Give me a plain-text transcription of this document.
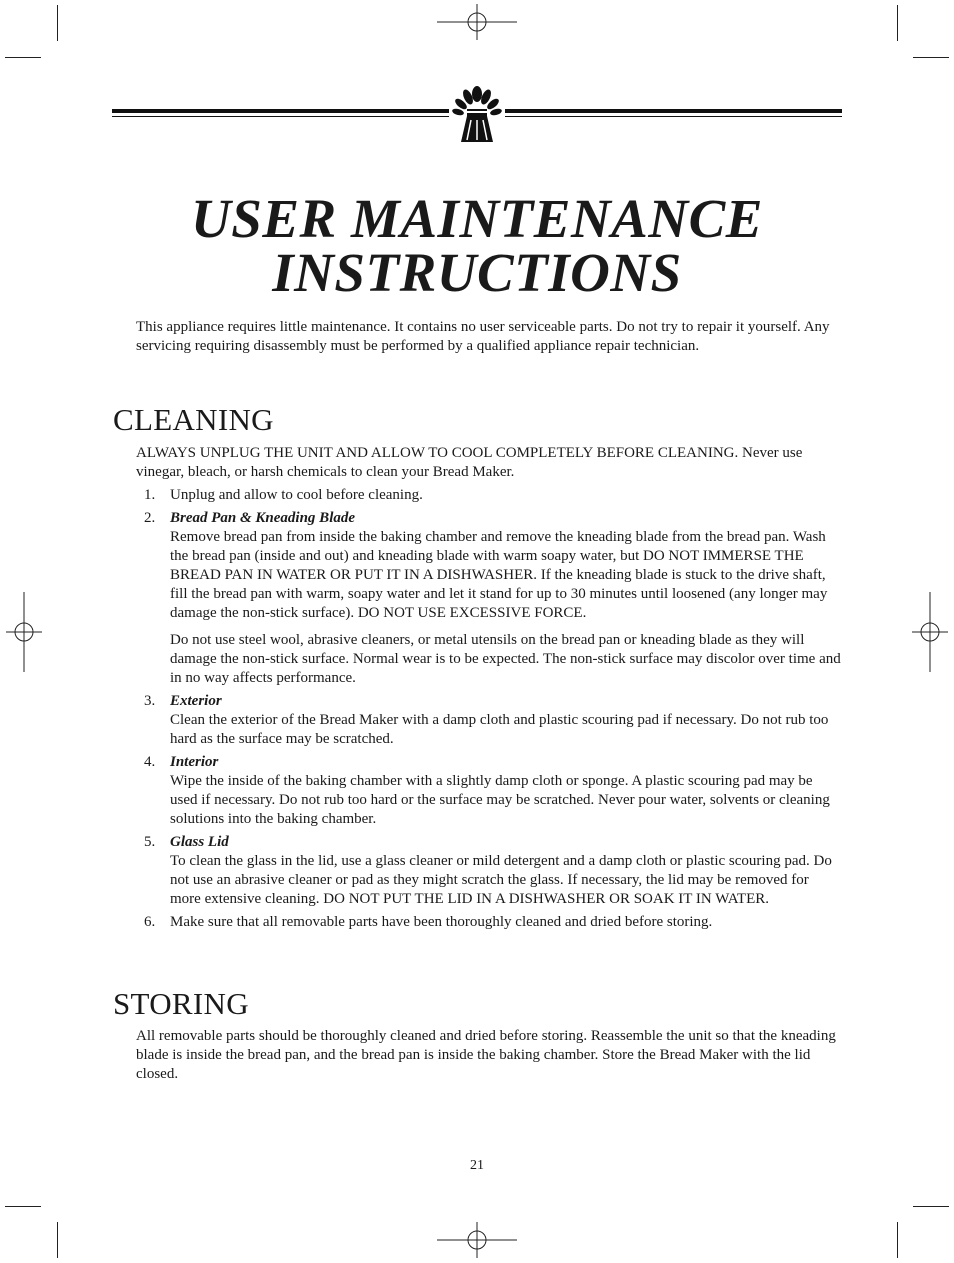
USER MAINTENANCE
INSTRUCTIONS

This appliance requires little maintenance. It contains no user serviceable parts. Do not try to repair it yourself. Any servicing requiring disassembly must be performed by a qualified appliance repair technician.

CLEANING

ALWAYS UNPLUG THE UNIT AND ALLOW TO COOL COMPLETELY BEFORE CLEANING. Never use vinegar, bleach, or harsh chemicals to clean your Bread Maker.

1. Unplug and allow to cool before cleaning.
2. Bread Pan & Kneading Blade
Remove bread pan from inside the baking chamber and remove the kneading blade from the bread pan. Wash the bread pan (inside and out) and kneading blade with warm soapy water, but DO NOT IMMERSE THE BREAD PAN IN WATER OR PUT IT IN A DISHWASHER. If the kneading blade is stuck to the drive shaft, fill the bread pan with warm, soapy water and let it stand for up to 30 minutes until loosened (any longer may damage the non-stick surface). DO NOT USE EXCESSIVE FORCE.
Do not use steel wool, abrasive cleaners, or metal utensils on the bread pan or kneading blade as they will damage the non-stick surface. Normal wear is to be expected. The non-stick surface may discolor over time and in no way affects performance.
3. Exterior
Clean the exterior of the Bread Maker with a damp cloth and plastic scouring pad if necessary. Do not rub too hard as the surface may be scratched.
4. Interior
Wipe the inside of the baking chamber with a slightly damp cloth or sponge. A plastic scouring pad may be used if necessary. Do not rub too hard or the surface may be scratched. Never pour water, solvents or cleaning solutions into the baking chamber.
5. Glass Lid
To clean the glass in the lid, use a glass cleaner or mild detergent and a damp cloth or plastic scouring pad. Do not use an abrasive cleaner or pad as they might scratch the glass. If necessary, the lid may be removed for more extensive cleaning. DO NOT PUT THE LID IN A DISHWASHER OR SOAK IT IN WATER.
6. Make sure that all removable parts have been thoroughly cleaned and dried before storing.
STORING

All removable parts should be thoroughly cleaned and dried before storing. Reassemble the unit so that the kneading blade is inside the bread pan, and the bread pan is inside the baking chamber. Store the Bread Maker with the lid closed.

21
